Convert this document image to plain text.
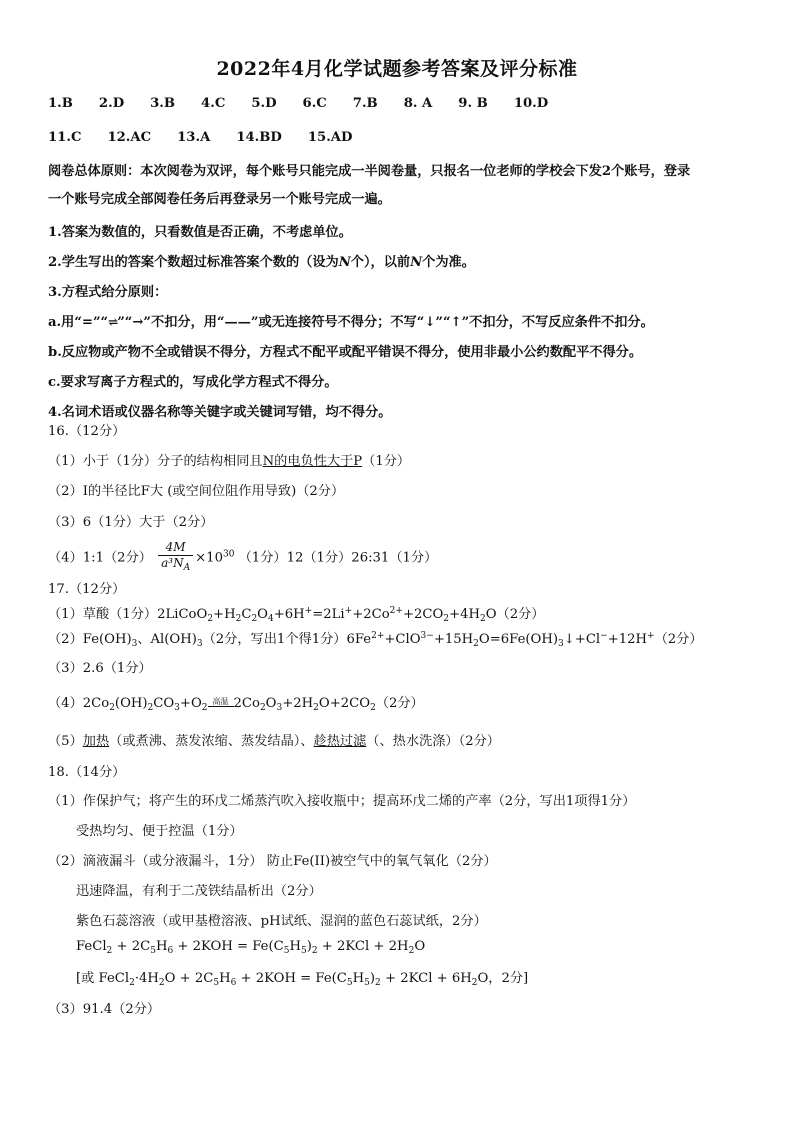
2022年4月化学试题参考答案及评分标准
1.B 2.D 3.B 4.C 5.D 6.C 7.B 8. A 9. B 10.D
11.C 12.AC 13.A 14.BD 15.AD
阅卷总体原则：本次阅卷为双评，每个账号只能完成一半阅卷量，只报名一位老师的学校会下发2个账号，登录
一个账号完成全部阅卷任务后再登录另一个账号完成一遍。
1.答案为数值的，只看数值是否正确，不考虑单位。
2.学生写出的答案个数超过标准答案个数的（设为N个），以前N个为准。
3.方程式给分原则：
a.用“=”“⇌”“→”不扣分，用“——”或无连接符号不得分；不写“↓”“↑”不扣分，不写反应条件不扣分。
b.反应物或产物不全或错误不得分，方程式不配平或配平错误不得分，使用非最小公约数配平不得分。
c.要求写离子方程式的，写成化学方程式不得分。
4.名词术语或仪器名称等关键字或关键词写错，均不得分。
16.（12分）
（1）小于（1分）分子的结构相同且N的电负性大于P（1分）
（2）I的半径比F大 (或空间位阻作用导致)（2分）
（3）6（1分）大于（2分）
（4）1:1（2分） $\frac{4M}{a^3N_A} \times 10^{30}$ （1分）12（1分）26:31（1分）
17.（12分）
（1）草酸（1分）$2LiCoO_2+H_2C_2O_4+6H^+=2Li^++2Co^{2+}+2CO_2+4H_2O(2$分）
$(2)Fe(OH)_3$、$Al(OH)_3(2$分，写出1个得1分）$6Fe^{2+}+ClO^{3-}+15H_2O=6Fe(OH)_3↓+Cl^-+12H^+(2$分）
（3）2.6（1分）
$(4)2Co_2(OH)_2CO_3+O_2$
高温 $2Co_2O_3+2H_2O+2CO_2(2$分）
（5）加热（或煮沸、蒸发浓缩、蒸发结晶）、趁热过滤（、热水洗涤）（2分）
18.（14分）
（1）作保护气；将产生的环戊二烯蒸汽吹入接收瓶中；提高环戊二烯的产率（2分，写出1项得1分）
受热均匀、便于控温（1分）
（2）滴液漏斗（或分液漏斗，1分） 防止Fe(II)被空气中的氧气氧化（2分）
迅速降温，有利于二茂铁结晶析出（2分）
紫色石蕊溶液（或甲基橙溶液、pH试纸、湿润的蓝色石蕊试纸，2分）
FeCl$_2$ + $2C_5H_6 + 2KOH = Fe(C_5H_5)_2 + 2KCl + 2H_2O$
[或 $FeCl_2\cdot 4H_2O + 2C_5H_6 + 2KOH = Fe(C_5H_5)_2 + 2KCl + 6H_2O$，2分]
（3）91.4（2分）
